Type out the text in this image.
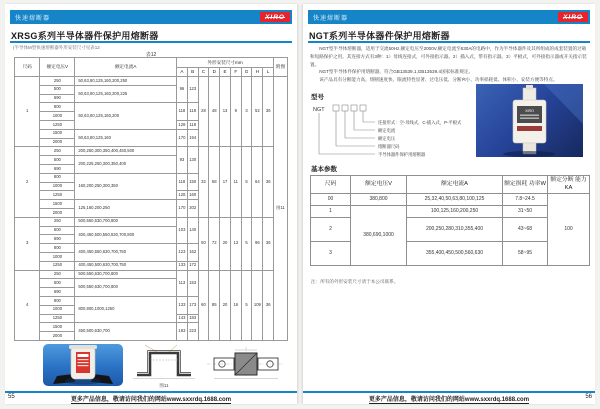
快速熔断器	XIRO
XRSG系列半导体器件保护用熔断器
(半导体M型快速熔断器外形安装尺寸见表12
表12
尺码	额定电压V	额定电流A	外形安装尺寸mm									附图
			A	B	C	D	E	F	G	H	L	
1	250	50,63,80,125,160,200,250	96	123	28	48	13	9	3	52	36	图11
	500	50,63,80,125,160,200,225										
	690											
	800	50,63,80,125,160,200	118	118								
	1000											
	1250		128	118								
	1500	50,63,80,125,160	170	194								
	2000											
2	250	200,250,300,350,400,450,500	93	130	32	58	17	11	5	64	36	
	500	200,225,250,300,350,400										
	690											
	800	160,200,250,300,350	118	150								
	1000											
	1250		128	160								
	1500	125,160,200,250	170	202								
	2000											
3	250	500,550,630,700,800	103	140	50	72	20	13	5	96	36	
	500	400,450,500,550,630,700,800										
	690											
	800	400,450,550,630,700,750	123	162								
	1000											
	1250	400,450,500,630,700,750	133	172								
4	250	500,550,630,700,800	113	153	60	85	20	16	5	109	36	
	500	500,550,630,700,800										
	690											
	800	800,900,1000,1250	133	173								
	1000											
	1250		143	183								
	1500	450,500,630,700	183	223								
	2000											
图11
55	更多产品信息，敬请访问我们的网站www.sxxrdq.1688.com
快速熔断器	XIRO
NGT系列半导体器件保护用熔断器

NGT型半导体熔断器，适用于交流50Hz,额定电压至2000V,额定电流至630A的电路中，作为半导体器件及其所组成的成套装置的过载和短路保护之用。其连接方式有3种：1）母线连接式，可外接指示器。2）插入式，带有指示器。3）平板式，可外接指示器或开关指示装置。

NGT型半导体件保护用熔断器，符合GB13539.1,GB13539.4国家标准规定。

该产品具有分断能力高、熔断速度快、限流特性显著、过电压低、分断I²t小、功率损耗低、体积小、安装方便等特点。

型号
NGT
连接形式：空-母线式，C-插入式，P-平板式
额定电流
额定电压
熔断器尺码
半导体器件保护用熔断器
XIRO
基本参数
尺码	额定电压V	额定电流A	额定损耗 功率W	额定分断 能力KA
00	380,800	25,32,40,50,63,80,100,125	7.8~24.5	100
1	380,690,1000	100,125,160,200,250	31~50	
2		200,250,280,310,355,400	43~68	
3		355,400,450,500,560,630	58~95	
注：所有的外形安装尺寸请于本公司联系。
更多产品信息，敬请访问我们的网站www.sxxrdq.1688.com	56
